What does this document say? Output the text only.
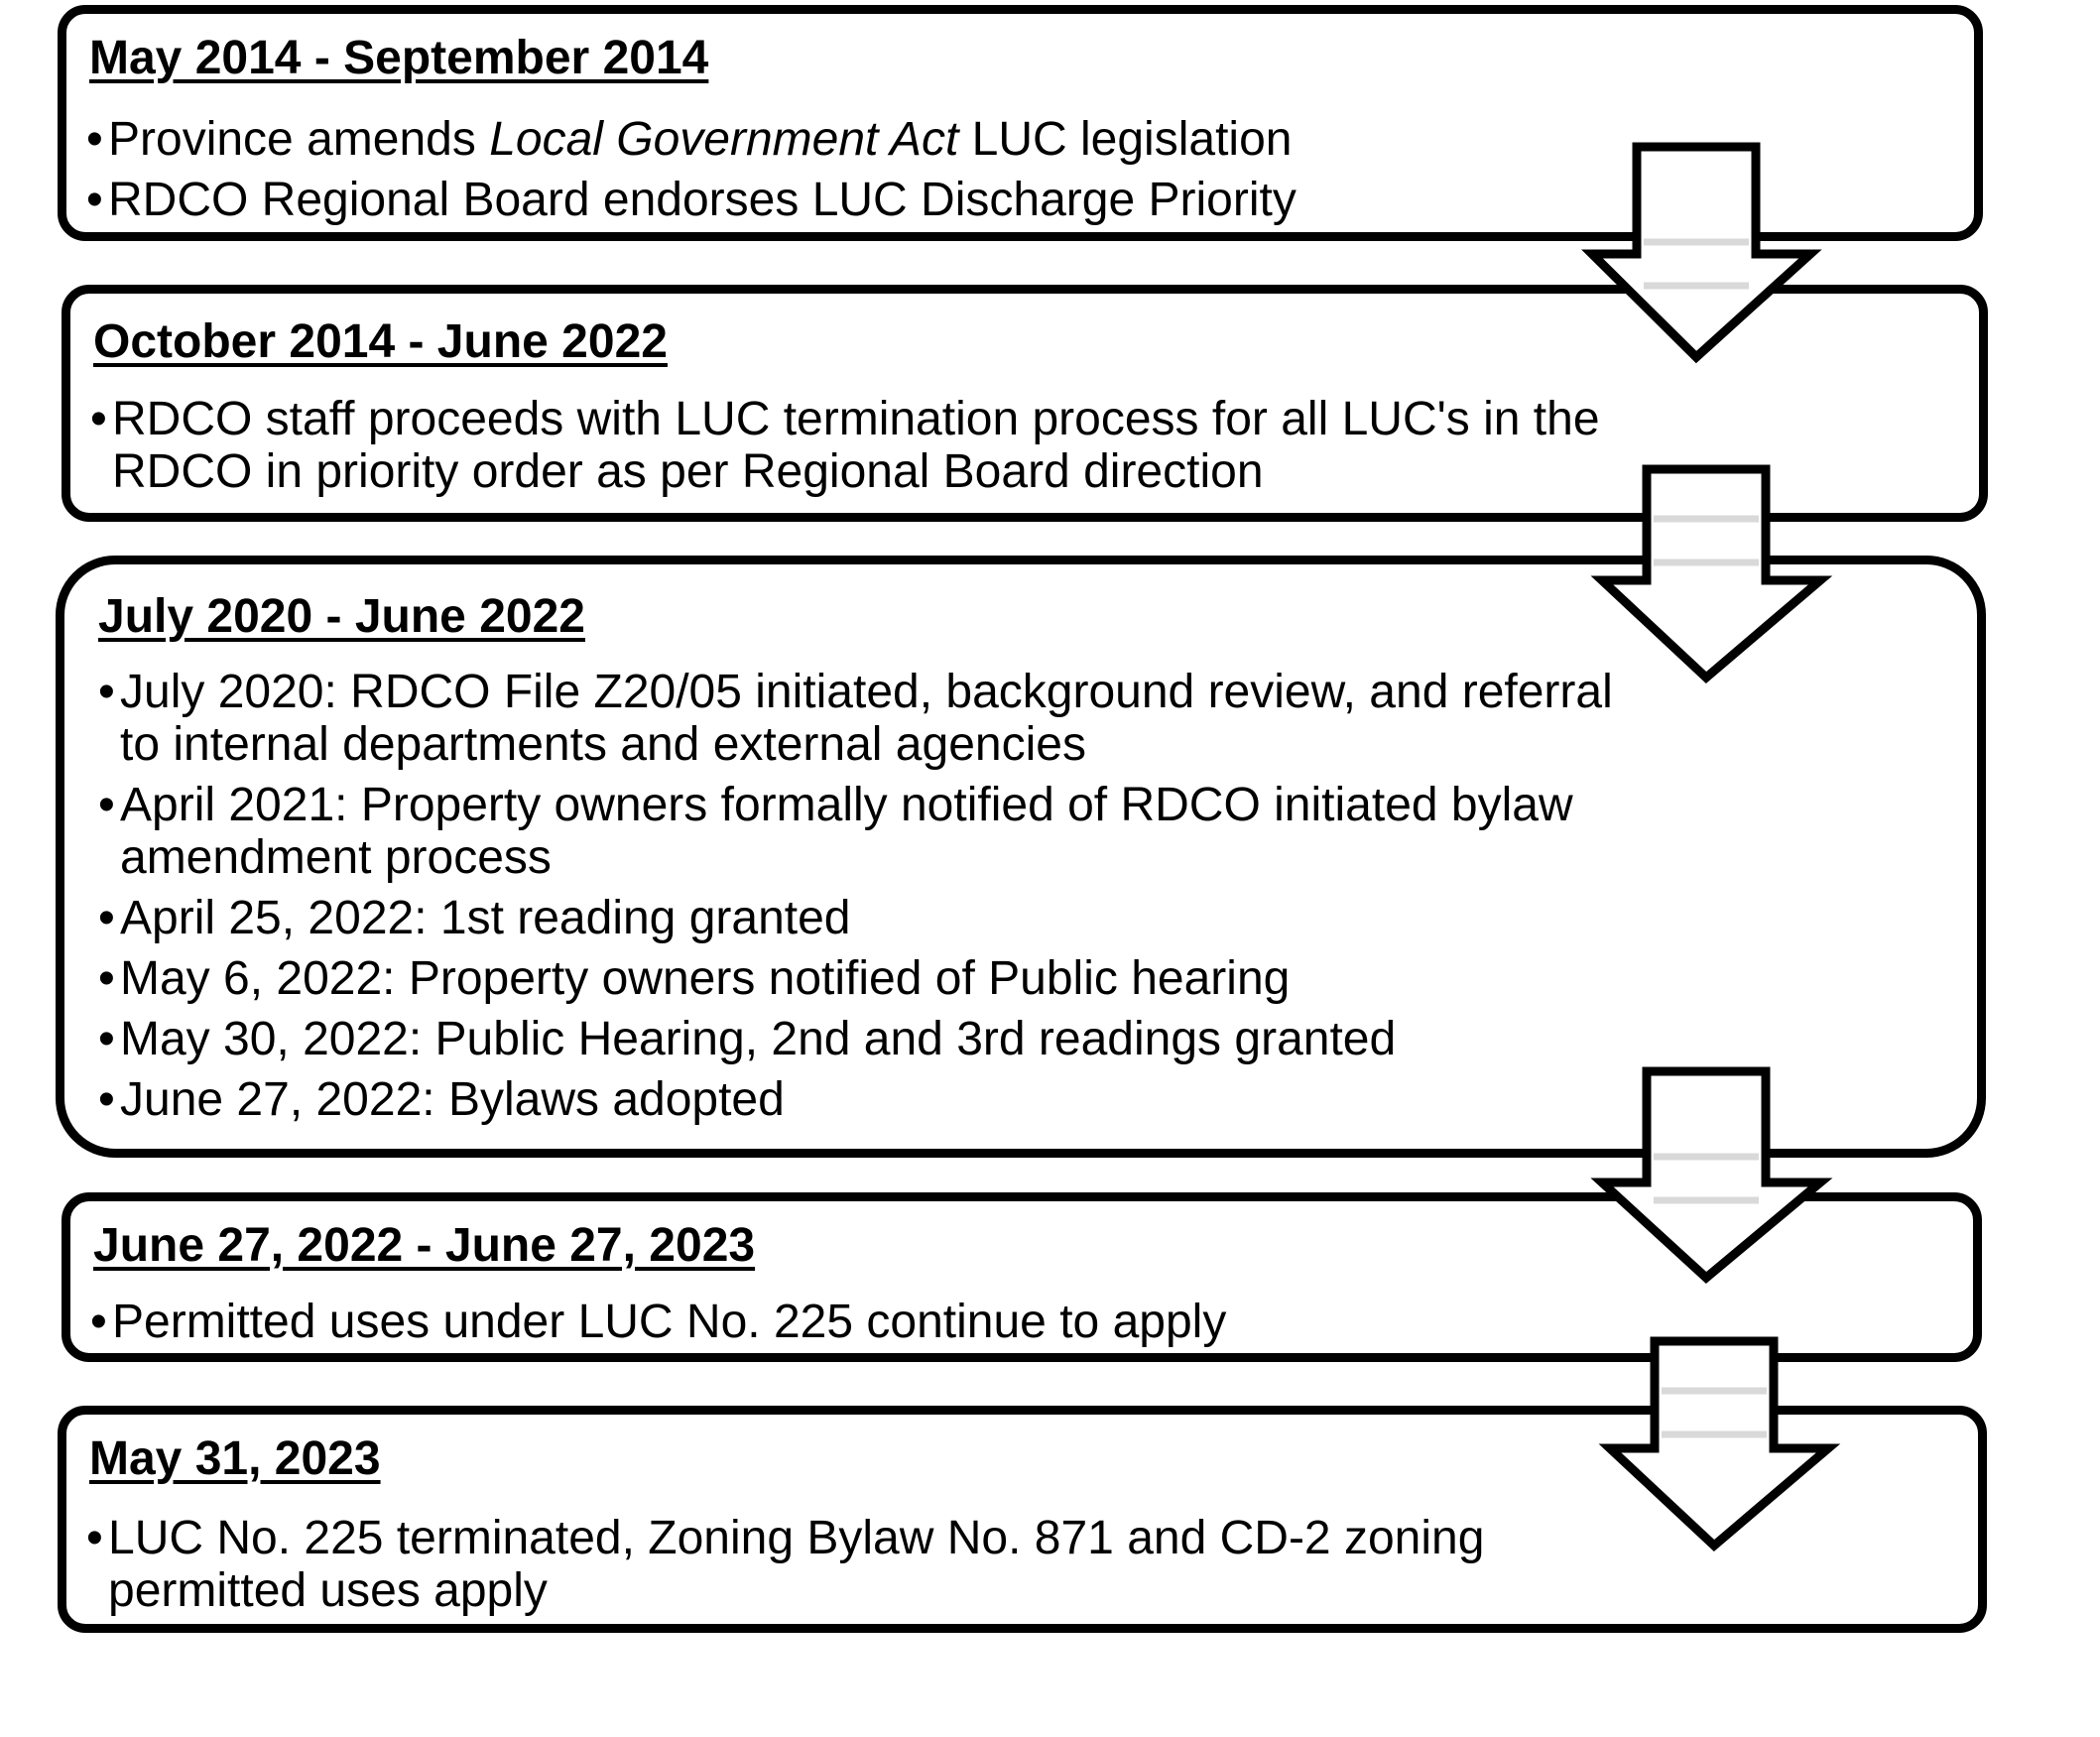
May 2014 - September 2014
• Province amends Local Government Act LUC legislation
• RDCO Regional Board endorses LUC Discharge Priority
October 2014 - June 2022
• RDCO staff proceeds with LUC termination process for all LUC's in the RDCO in priority order as per Regional Board direction
July 2020 - June 2022
• July 2020: RDCO File Z20/05 initiated, background review, and referral to internal departments and external agencies
• April 2021: Property owners formally notified of RDCO initiated bylaw amendment process
• April 25, 2022: 1st reading granted
• May 6, 2022: Property owners notified of Public hearing
• May 30, 2022: Public Hearing, 2nd and 3rd readings granted
• June 27, 2022: Bylaws adopted
June 27, 2022 - June 27, 2023
• Permitted uses under LUC No. 225 continue to apply
May 31, 2023
• LUC No. 225 terminated, Zoning Bylaw No. 871 and CD-2 zoning permitted uses apply
